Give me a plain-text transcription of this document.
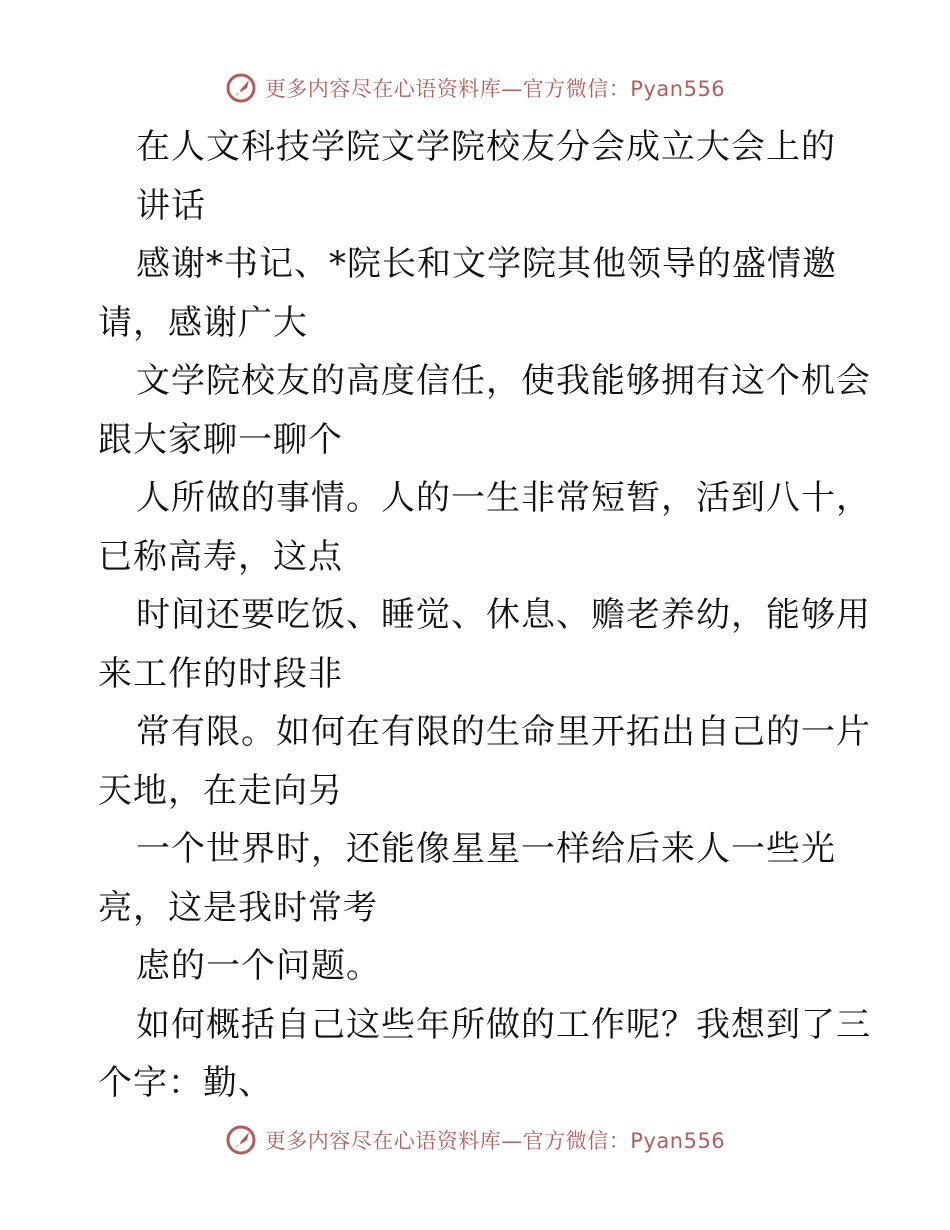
更多内容尽在心语资料库—官方微信：Pyan556
在人文科技学院文学院校友分会成立大会上的
讲话
感谢*书记、*院长和文学院其他领导的盛情邀
请，感谢广大
文学院校友的高度信任，使我能够拥有这个机会
跟大家聊一聊个
人所做的事情。人的一生非常短暂，活到八十，
已称高寿，这点
时间还要吃饭、睡觉、休息、赡老养幼，能够用
来工作的时段非
常有限。如何在有限的生命里开拓出自己的一片
天地，在走向另
一个世界时，还能像星星一样给后来人一些光
亮，这是我时常考
虑的一个问题。
如何概括自己这些年所做的工作呢？我想到了三
个字：勤、
更多内容尽在心语资料库—官方微信：Pyan556
